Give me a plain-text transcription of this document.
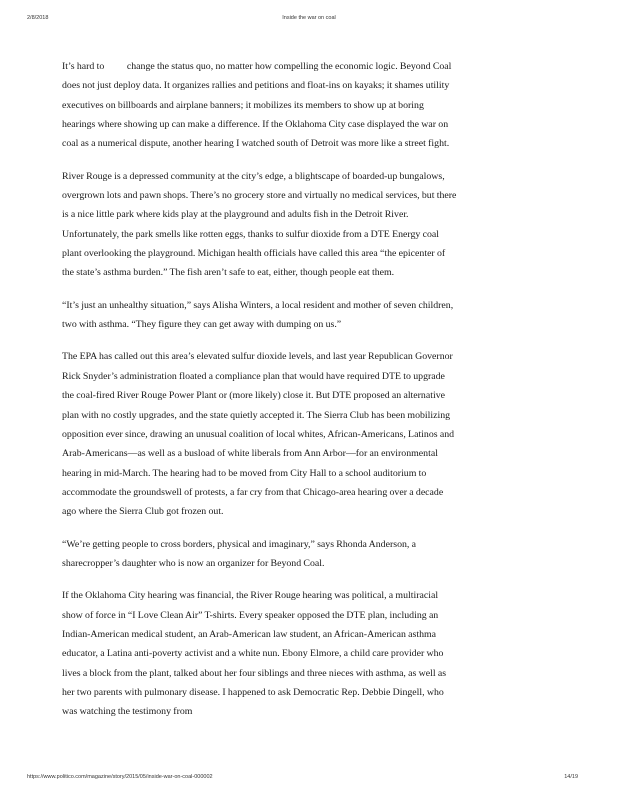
2/8/2018	Inside the war on coal

It’s hard to          change the status quo, no matter how compelling the economic logic. Beyond Coal does not just deploy data. It organizes rallies and petitions and float-ins on kayaks; it shames utility executives on billboards and airplane banners; it mobilizes its members to show up at boring hearings where showing up can make a difference. If the Oklahoma City case displayed the war on coal as a numerical dispute, another hearing I watched south of Detroit was more like a street fight.

River Rouge is a depressed community at the city’s edge, a blightscape of boarded-up bungalows, overgrown lots and pawn shops. There’s no grocery store and virtually no medical services, but there is a nice little park where kids play at the playground and adults fish in the Detroit River. Unfortunately, the park smells like rotten eggs, thanks to sulfur dioxide from a DTE Energy coal plant overlooking the playground. Michigan health officials have called this area “the epicenter of the state’s asthma burden.” The fish aren’t safe to eat, either, though people eat them.

“It’s just an unhealthy situation,” says Alisha Winters, a local resident and mother of seven children, two with asthma. “They figure they can get away with dumping on us.”

The EPA has called out this area’s elevated sulfur dioxide levels, and last year Republican Governor Rick Snyder’s administration floated a compliance plan that would have required DTE to upgrade the coal-fired River Rouge Power Plant or (more likely) close it. But DTE proposed an alternative plan with no costly upgrades, and the state quietly accepted it. The Sierra Club has been mobilizing opposition ever since, drawing an unusual coalition of local whites, African-Americans, Latinos and Arab-Americans—as well as a busload of white liberals from Ann Arbor—for an environmental hearing in mid-March. The hearing had to be moved from City Hall to a school auditorium to accommodate the groundswell of protests, a far cry from that Chicago-area hearing over a decade ago where the Sierra Club got frozen out.

“We’re getting people to cross borders, physical and imaginary,” says Rhonda Anderson, a sharecropper’s daughter who is now an organizer for Beyond Coal.

If the Oklahoma City hearing was financial, the River Rouge hearing was political, a multiracial show of force in “I Love Clean Air” T-shirts. Every speaker opposed the DTE plan, including an Indian-American medical student, an Arab-American law student, an African-American asthma educator, a Latina anti-poverty activist and a white nun. Ebony Elmore, a child care provider who lives a block from the plant, talked about her four siblings and three nieces with asthma, as well as her two parents with pulmonary disease. I happened to ask Democratic Rep. Debbie Dingell, who was watching the testimony from

https://www.politico.com/magazine/story/2015/05/inside-war-on-coal-000002	14/19
